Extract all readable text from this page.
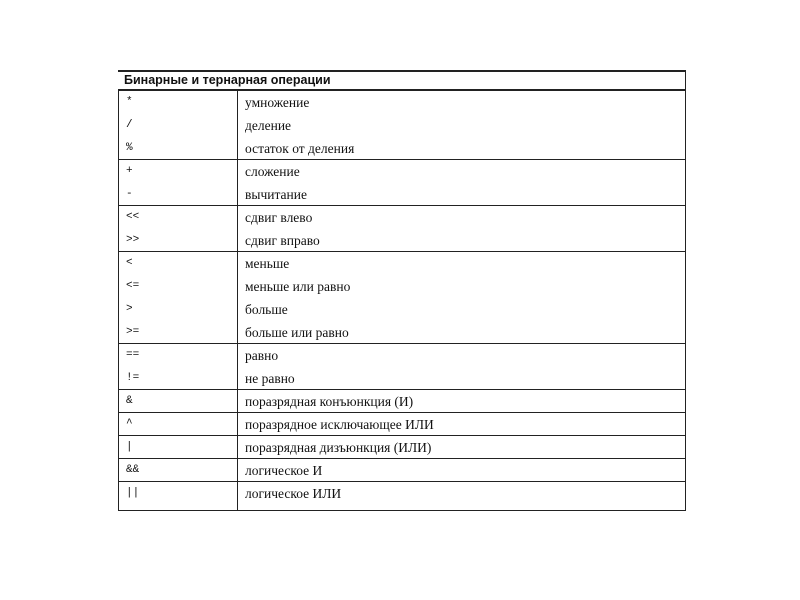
Бинарные и тернарная операции
*	умножение
/	деление
%	остаток от деления
+	сложение
-	вычитание
<<	сдвиг влево
>>	сдвиг вправо
<	меньше
<=	меньше или равно
>	больше
>=	больше или равно
==	равно
!=	не равно
&	поразрядная конъюнкция (И)
^	поразрядное исключающее ИЛИ
|	поразрядная дизъюнкция (ИЛИ)
&&	логическое И
||	логическое ИЛИ
